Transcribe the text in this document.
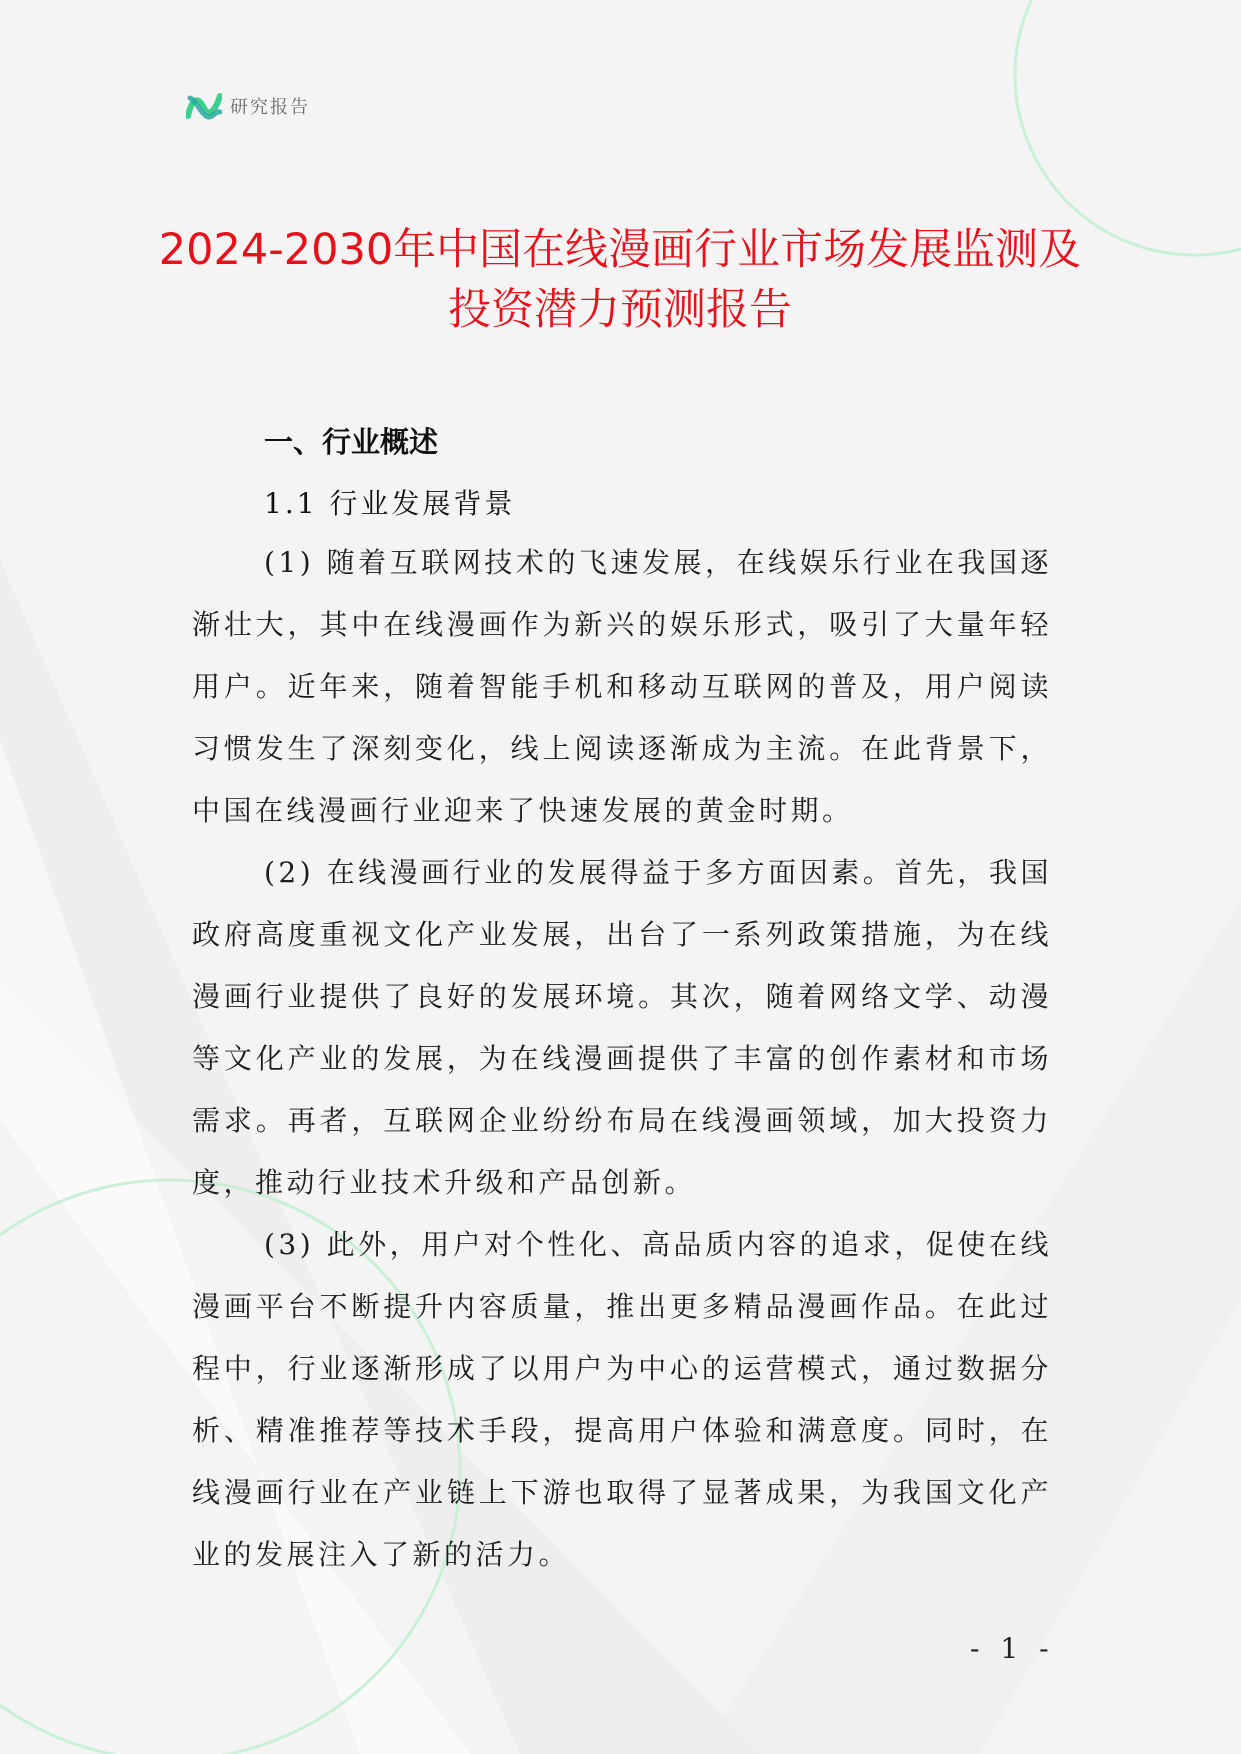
研究报告
2024-2030年中国在线漫画行业市场发展监测及投资潜力预测报告
一、行业概述
1.1 行业发展背景

(1) 随着互联网技术的飞速发展，在线娱乐行业在我国逐渐壮大，其中在线漫画作为新兴的娱乐形式，吸引了大量年轻用户。近年来，随着智能手机和移动互联网的普及，用户阅读习惯发生了深刻变化，线上阅读逐渐成为主流。在此背景下，中国在线漫画行业迎来了快速发展的黄金时期。

(2) 在线漫画行业的发展得益于多方面因素。首先，我国政府高度重视文化产业发展，出台了一系列政策措施，为在线漫画行业提供了良好的发展环境。其次，随着网络文学、动漫等文化产业的发展，为在线漫画提供了丰富的创作素材和市场需求。再者，互联网企业纷纷布局在线漫画领域，加大投资力度，推动行业技术升级和产品创新。

(3) 此外，用户对个性化、高品质内容的追求，促使在线漫画平台不断提升内容质量，推出更多精品漫画作品。在此过程中，行业逐渐形成了以用户为中心的运营模式，通过数据分析、精准推荐等技术手段，提高用户体验和满意度。同时，在线漫画行业在产业链上下游也取得了显著成果，为我国文化产业的发展注入了新的活力。

- 1 -
